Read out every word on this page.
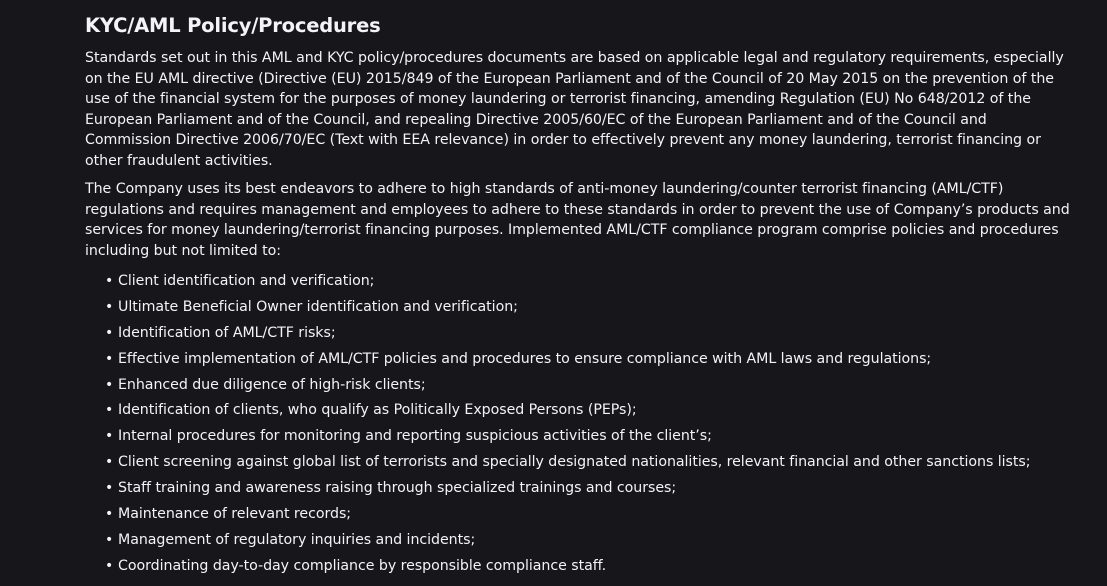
KYC/AML Policy/Procedures

Standards set out in this AML and KYC policy/procedures documents are based on applicable legal and regulatory requirements, especially on the EU AML directive (Directive (EU) 2015/849 of the European Parliament and of the Council of 20 May 2015 on the prevention of the use of the financial system for the purposes of money laundering or terrorist financing, amending Regulation (EU) No 648/2012 of the European Parliament and of the Council, and repealing Directive 2005/60/EC of the European Parliament and of the Council and Commission Directive 2006/70/EC (Text with EEA relevance) in order to effectively prevent any money laundering, terrorist financing or other fraudulent activities.

The Company uses its best endeavors to adhere to high standards of anti-money laundering/counter terrorist financing (AML/CTF) regulations and requires management and employees to adhere to these standards in order to prevent the use of Company’s products and services for money laundering/terrorist financing purposes. Implemented AML/CTF compliance program comprise policies and procedures including but not limited to:

• Client identification and verification;
• Ultimate Beneficial Owner identification and verification;
• Identification of AML/CTF risks;
• Effective implementation of AML/CTF policies and procedures to ensure compliance with AML laws and regulations;
• Enhanced due diligence of high-risk clients;
• Identification of clients, who qualify as Politically Exposed Persons (PEPs);
• Internal procedures for monitoring and reporting suspicious activities of the client’s;
• Client screening against global list of terrorists and specially designated nationalities, relevant financial and other sanctions lists;
• Staff training and awareness raising through specialized trainings and courses;
• Maintenance of relevant records;
• Management of regulatory inquiries and incidents;
• Coordinating day-to-day compliance by responsible compliance staff.
